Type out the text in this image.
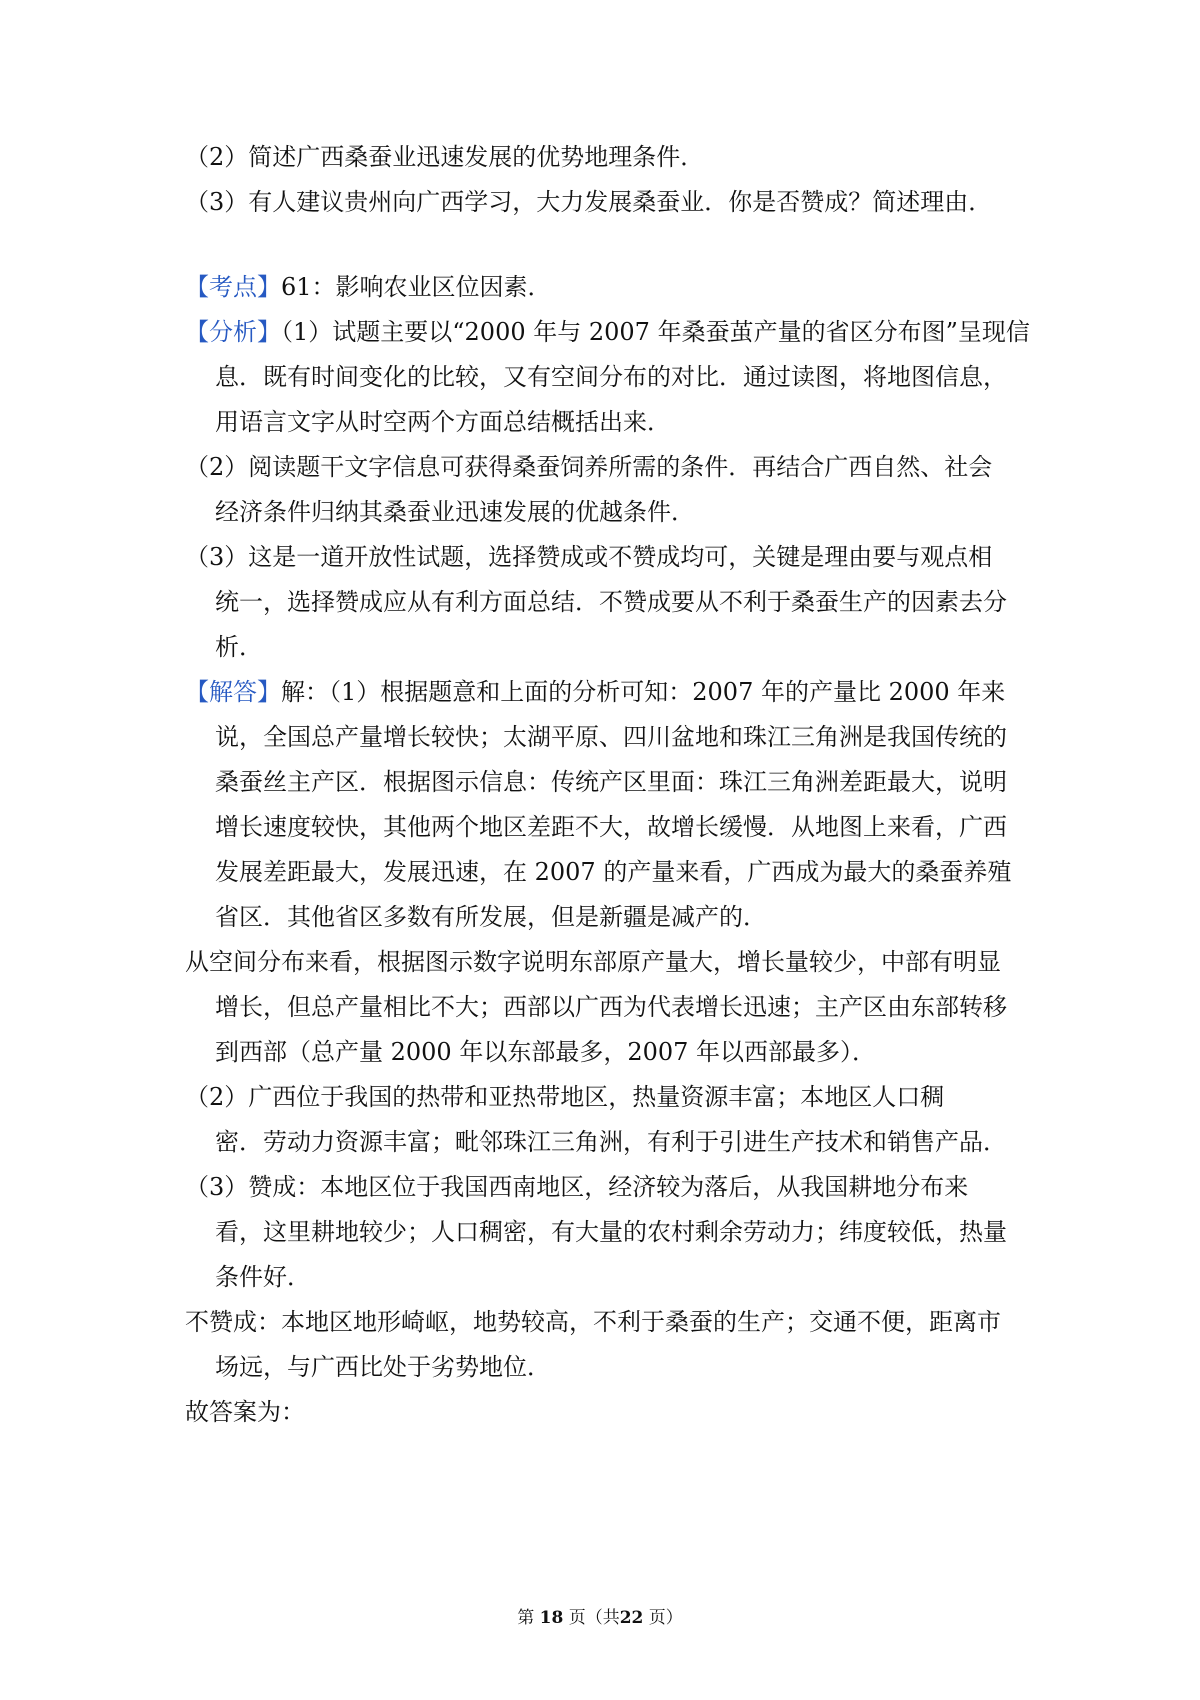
（2）简述广西桑蚕业迅速发展的优势地理条件．
（3）有人建议贵州向广西学习，大力发展桑蚕业．你是否赞成？简述理由．
【考点】61：影响农业区位因素．
【分析】（1）试题主要以“2000 年与 2007 年桑蚕茧产量的省区分布图”呈现信
息．既有时间变化的比较，又有空间分布的对比．通过读图，将地图信息，
用语言文字从时空两个方面总结概括出来．
（2）阅读题干文字信息可获得桑蚕饲养所需的条件．再结合广西自然、社会
经济条件归纳其桑蚕业迅速发展的优越条件．
（3）这是一道开放性试题，选择赞成或不赞成均可，关键是理由要与观点相
统一，选择赞成应从有利方面总结．不赞成要从不利于桑蚕生产的因素去分
析．
【解答】解：（1）根据题意和上面的分析可知：2007 年的产量比 2000 年来
说，全国总产量增长较快；太湖平原、四川盆地和珠江三角洲是我国传统的
桑蚕丝主产区．根据图示信息：传统产区里面：珠江三角洲差距最大，说明
增长速度较快，其他两个地区差距不大，故增长缓慢．从地图上来看，广西
发展差距最大，发展迅速，在 2007 的产量来看，广西成为最大的桑蚕养殖
省区．其他省区多数有所发展，但是新疆是减产的．
从空间分布来看，根据图示数字说明东部原产量大，增长量较少，中部有明显
增长，但总产量相比不大；西部以广西为代表增长迅速；主产区由东部转移
到西部（总产量 2000 年以东部最多，2007 年以西部最多）．
（2）广西位于我国的热带和亚热带地区，热量资源丰富；本地区人口稠
密．劳动力资源丰富；毗邻珠江三角洲，有利于引进生产技术和销售产品．
（3）赞成：本地区位于我国西南地区，经济较为落后，从我国耕地分布来
看，这里耕地较少；人口稠密，有大量的农村剩余劳动力；纬度较低，热量
条件好．
不赞成：本地区地形崎岖，地势较高，不利于桑蚕的生产；交通不便，距离市
场远，与广西比处于劣势地位．
故答案为：
第 18 页（共22 页）
